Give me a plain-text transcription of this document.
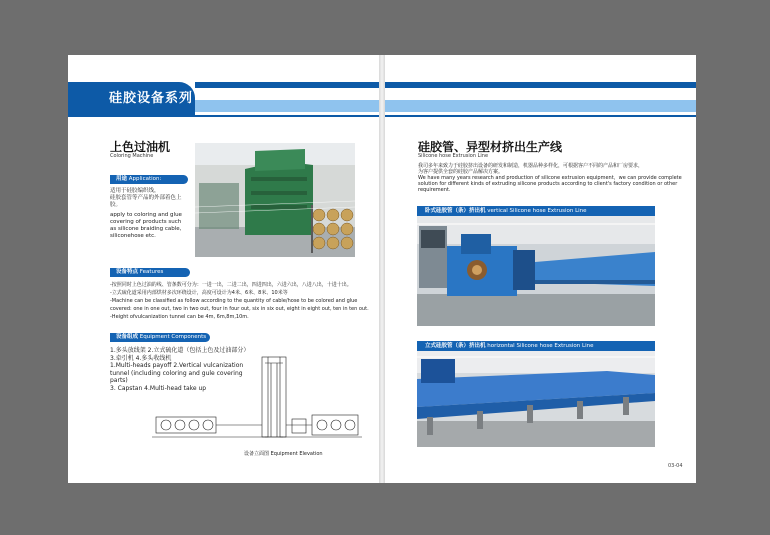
硅胶设备系列
上色过油机
Coloring Machine
用途 Application:
适用于硅胶编织线，
硅胶套管等产品的外部着色上胶。
apply to coloring and glue
covering of products such
as silicone braiding cable,
siliconehose etc.
设备特点 Features
-按照同时上色过油的线、管条数可分为：一进一出，二进二出，四进四出，六进六出，八进八出，十进十出。
-立式硫化道采用内部烘材多次环绕设计，高度可设计为4米、6米、8米、10米等
-Machine can be classified as follow according to the quantity of cable/hose to be colored and glue
covered: one in one out, two in two out, four in four out, six in six out, eight in eight out, ten in ten out.
-Height ofvulcanization tunnel can be 4m, 6m,8m,10m.
设备组成 Equipment Components
1.多头放线架 2.立式硫化道（包括上色及过油部分）
3.牵引机 4.多头收线机
1.Multi-heads payoff 2.Vertical vulcanization
tunnel (including coloring and gule covering
parts)
3. Capstan 4.Multi-head take up
设备立面图 Equipment Elevation
硅胶管、异型材挤出生产线
Silicone hose Extrusion Line
我司多年来致力于硅胶挤出设备的研发和制造，机器品种多样化，可根据客户不同的产品和厂房要求，
为客户提供全套的硅胶产品解决方案。
We have many years research and production of silicone extrusion equipment，we can provide complete
solution for different kinds of extruding silicone products according to client's factory condition or other requirement.
卧式硅胶管（条）挤出机 vertical Silicone hose Extrusion Line
立式硅胶管（条）挤出机 horizontal Silicone hose Extrusion Line
03-04
